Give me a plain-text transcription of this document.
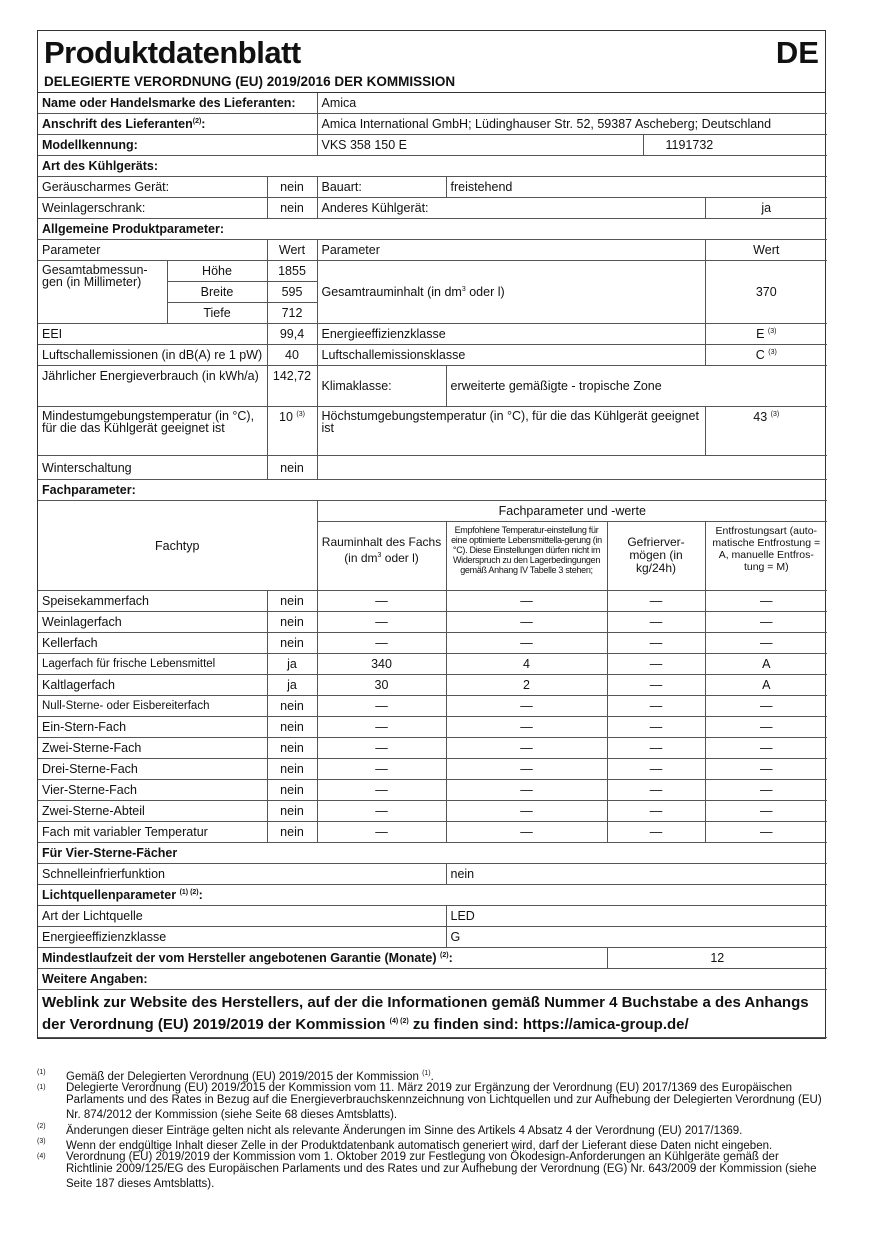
Produktdatenblatt	DE
DELEGIERTE VERORDNUNG (EU) 2019/2016 DER KOMMISSION
Name oder Handelsmarke des Lieferanten:			Amica				
Anschrift des Lieferanten$^{(2)}$:			Amica International GmbH; Lüdinghauser Str. 52, 59387 Ascheberg; Deutschland				
Modellkennung:			VKS 358 150 E			1191732	
Art des Kühlgeräts:							
Geräuscharmes Gerät:		nein	Bauart:	freistehend			
Weinlagerschrank:		nein	Anderes Kühlgerät:				ja
Allgemeine Produktparameter:							
Parameter		Wert	Parameter				Wert
Gesamtabmessun-gen (in Millimeter)	Höhe	1855	Gesamtrauminhalt (in $dm^3$ oder l)				370
	Breite	595					
	Tiefe	712					
EEI		99,4	Energieeffizienzklasse				E $^{(3)}$
Luftschallemissionen (in dB(A) re 1 pW)		40	Luftschallemissionsklasse				C $^{(3)}$
Jährlicher Energieverbrauch (in kWh/a)		142,72	Klimaklasse:	erweiterte gemäßigte - tropische Zone			
Mindestumgebungstemperatur (in °C), für die das Kühlgerät geeignet ist		10 $^{(3)}$	Höchstumgebungstemperatur (in °C), für die das Kühlgerät geeignet ist				43 $^{(3)}$
Winterschaltung		nein					
Fachparameter:							
Fachtyp			Fachparameter und -werte				
			Rauminhalt des Fachs (in $dm^3$ oder l)	Empfohlene Temperatur-einstellung für eine optimierte Lebensmittella-gerung (in °C). Diese Einstellungen dürfen nicht im Widerspruch zu den Lagerbedingungen gemäß Anhang IV Tabelle 3 stehen;	Gefrierver-mögen (in kg/24h)		Entfrostungsart (auto-matische Entfrostung = A, manuelle Entfros-tung = M)
Speisekammerfach		nein	—	—	—		—
Weinlagerfach		nein	—	—	—		—
Kellerfach		nein	—	—	—		—
Lagerfach für frische Lebensmittel		ja	340	4	—		A
Kaltlagerfach		ja	30	2	—		A
Null-Sterne- oder Eisbereiterfach		nein	—	—	—		—
Ein-Stern-Fach		nein	—	—	—		—
Zwei-Sterne-Fach		nein	—	—	—		—
Drei-Sterne-Fach		nein	—	—	—		—
Vier-Sterne-Fach		nein	—	—	—		—
Zwei-Sterne-Abteil		nein	—	—	—		—
Fach mit variabler Temperatur		nein	—	—	—		—
Für Vier-Sterne-Fächer							
Schnelleinfrierfunktion				nein			
Lichtquellenparameter $^{(1) (2)}$:							
Art der Lichtquelle				LED			
Energieeffizienzklasse				G			
Mindestlaufzeit der vom Hersteller angebotenen Garantie (Monate) $^{(2)}$:					12		
Weitere Angaben:							
Weblink zur Website des Herstellers, auf der die Informationen gemäß Nummer 4 Buchstabe a des Anhangs der Verordnung (EU) 2019/2019 der Kommission $^{(4) (2)}$ zu finden sind: https://amica-group.de/							
(1)	Gemäß der Delegierten Verordnung (EU) 2019/2015 der Kommission $^{(1)}$.
(1)	Delegierte Verordnung (EU) 2019/2015 der Kommission vom 11. März 2019 zur Ergänzung der Verordnung (EU) 2017/1369 des Europäischen Parlaments und des Rates in Bezug auf die Energieverbrauchskennzeichnung von Lichtquellen und zur Aufhebung der Delegierten Verordnung (EU) Nr. 874/2012 der Kommission (siehe Seite 68 dieses Amtsblatts).
(2)	Änderungen dieser Einträge gelten nicht als relevante Änderungen im Sinne des Artikels 4 Absatz 4 der Verordnung (EU) 2017/1369.
(3)	Wenn der endgültige Inhalt dieser Zelle in der Produktdatenbank automatisch generiert wird, darf der Lieferant diese Daten nicht eingeben.
(4)	Verordnung (EU) 2019/2019 der Kommission vom 1. Oktober 2019 zur Festlegung von Ökodesign-Anforderungen an Kühlgeräte gemäß der Richtlinie 2009/125/EG des Europäischen Parlaments und des Rates und zur Aufhebung der Verordnung (EG) Nr. 643/2009 der Kommission (siehe Seite 187 dieses Amtsblatts).
